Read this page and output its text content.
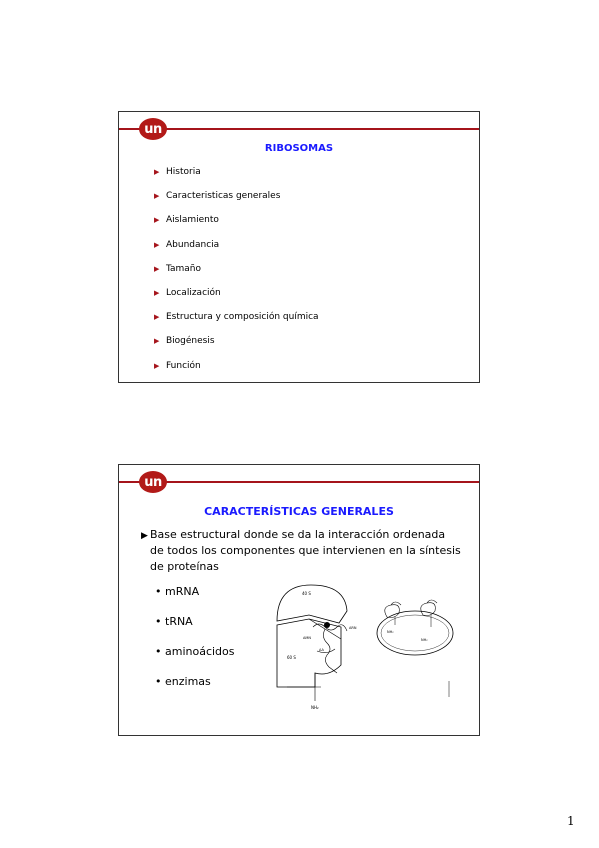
un
RIBOSOMAS
▶ Historia
▶ Caracteristicas generales
▶ Aislamiento
▶ Abundancia
▶ Tamaño
▶ Localización
▶ Estructura y composición química
▶ Biogénesis
▶ Función
un
CARACTERÍSTICAS GENERALES
▶ Base estructural donde se da la interacción ordenada de todos los componentes que intervienen en la síntesis de proteínas
• mRNA
• tRNA
• aminoácidos
• enzimas
40 S
60 S
AA
NH₂
ARN
AMN	NH₂
NH₂
1
